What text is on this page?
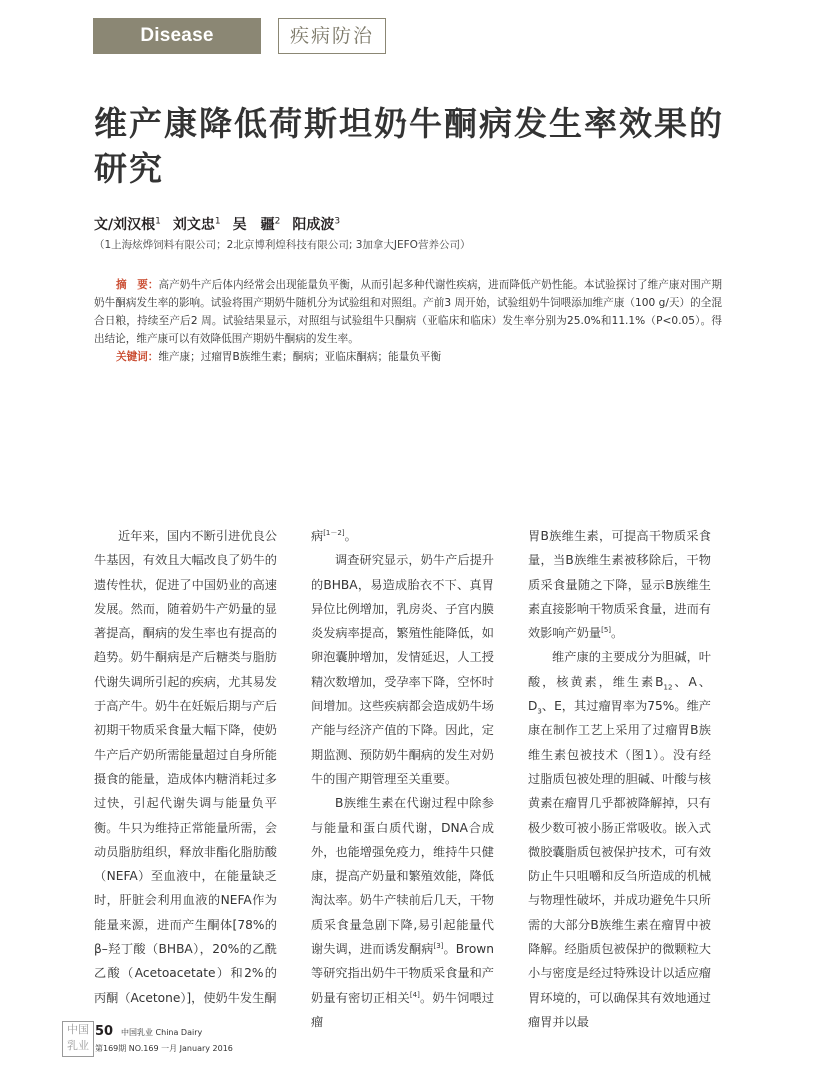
Disease Prevention
疾病防治
维产康降低荷斯坦奶牛酮病发生率效果的研究
文/刘汉根$^1$ 刘文忠$^1$ 吴　疆$^2$ 阳成波$^3$
（1上海炫烨饲料有限公司；2北京博利煌科技有限公司; 3加拿大JEFO营养公司）

摘　要：高产奶牛产后体内经常会出现能量负平衡，从而引起多种代谢性疾病，进而降低产奶性能。本试验探讨了维产康对围产期奶牛酮病发生率的影响。试验将围产期奶牛随机分为试验组和对照组。产前3 周开始，试验组奶牛饲喂添加维产康（100 g/天）的全混合日粮，持续至产后2 周。试验结果显示，对照组与试验组牛只酮病（亚临床和临床）发生率分别为25.0%和11.1%（P<0.05）。得出结论，维产康可以有效降低围产期奶牛酮病的发生率。

关键词：维产康；过瘤胃B族维生素；酮病；亚临床酮病；能量负平衡

近年来，国内不断引进优良公牛基因，有效且大幅改良了奶牛的遗传性状，促进了中国奶业的高速发展。然而，随着奶牛产奶量的显著提高，酮病的发生率也有提高的趋势。奶牛酮病是产后糖类与脂肪代谢失调所引起的疾病，尤其易发于高产牛。奶牛在妊娠后期与产后初期干物质采食量大幅下降，使奶牛产后产奶所需能量超过自身所能摄食的能量，造成体内糖消耗过多过快，引起代谢失调与能量负平衡。牛只为维持正常能量所需，会动员脂肪组织，释放非酯化脂肪酸（NEFA）至血液中，在能量缺乏时，肝脏会利用血液的NEFA作为能量来源，进而产生酮体[78%的β–羟丁酸（BHBA），20%的乙酰乙酸（Acetoacetate）和2%的丙酮（Acetone）]，使奶牛发生酮

病[1－2]。

调查研究显示，奶牛产后提升的BHBA，易造成胎衣不下、真胃异位比例增加，乳房炎、子宫内膜炎发病率提高，繁殖性能降低，如卵泡囊肿增加，发情延迟，人工授精次数增加，受孕率下降，空怀时间增加。这些疾病都会造成奶牛场产能与经济产值的下降。因此，定期监测、预防奶牛酮病的发生对奶牛的围产期管理至关重要。

B族维生素在代谢过程中除参与能量和蛋白质代谢，DNA合成外，也能增强免疫力，维持牛只健康，提高产奶量和繁殖效能，降低淘汰率。奶牛产犊前后几天，干物质采食量急剧下降,易引起能量代谢失调，进而诱发酮病[3]。Brown等研究指出奶牛干物质采食量和产奶量有密切正相关[4]。奶牛饲喂过瘤

胃B族维生素，可提高干物质采食量，当B族维生素被移除后，干物质采食量随之下降，显示B族维生素直接影响干物质采食量，进而有效影响产奶量[5]。

维产康的主要成分为胆碱，叶酸，核黄素，维生素$B_{12}$、A、$D_3$、E，其过瘤胃率为75%。维产康在制作工艺上采用了过瘤胃B族维生素包被技术（图1）。没有经过脂质包被处理的胆碱、叶酸与核黄素在瘤胃几乎都被降解掉，只有极少数可被小肠正常吸收。嵌入式微胶囊脂质包被保护技术，可有效防止牛只咀嚼和反刍所造成的机械与物理性破坏，并成功避免牛只所需的大部分B族维生素在瘤胃中被降解。经脂质包被保护的微颗粒大小与密度是经过特殊设计以适应瘤胃环境的，可以确保其有效地通过瘤胃并以最

中国乳业
50 中国乳业 China Dairy
第169期 NO.169 一月 January 2016
